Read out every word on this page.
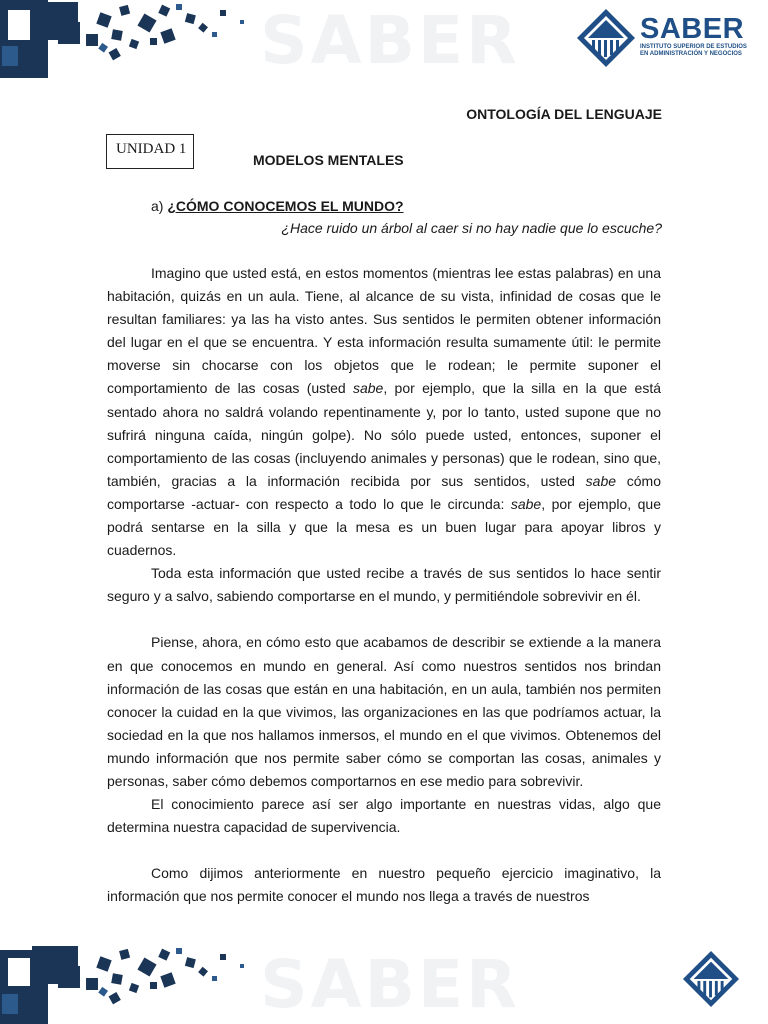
SABER	SABER
INSTITUTO SUPERIOR DE ESTUDIOS
EN ADMINISTRACIÓN Y NEGOCIOS
ONTOLOGÍA DEL LENGUAJE
UNIDAD 1
MODELOS MENTALES
a) ¿CÓMO CONOCEMOS EL MUNDO?
¿Hace ruido un árbol al caer si no hay nadie que lo escuche?

Imagino que usted está, en estos momentos (mientras lee estas palabras) en una habitación, quizás en un aula. Tiene, al alcance de su vista, infinidad de cosas que le resultan familiares: ya las ha visto antes. Sus sentidos le permiten obtener información del lugar en el que se encuentra. Y esta información resulta sumamente útil: le permite moverse sin chocarse con los objetos que le rodean; le permite suponer el comportamiento de las cosas (usted sabe, por ejemplo, que la silla en la que está sentado ahora no saldrá volando repentinamente y, por lo tanto, usted supone que no sufrirá ninguna caída, ningún golpe). No sólo puede usted, entonces, suponer el comportamiento de las cosas (incluyendo animales y personas) que le rodean, sino que, también, gracias a la información recibida por sus sentidos, usted sabe cómo comportarse -actuar- con respecto a todo lo que le circunda: sabe, por ejemplo, que podrá sentarse en la silla y que la mesa es un buen lugar para apoyar libros y cuadernos.

Toda esta información que usted recibe a través de sus sentidos lo hace sentir seguro y a salvo, sabiendo comportarse en el mundo, y permitiéndole sobrevivir en él.

Piense, ahora, en cómo esto que acabamos de describir se extiende a la manera en que conocemos en mundo en general. Así como nuestros sentidos nos brindan información de las cosas que están en una habitación, en un aula, también nos permiten conocer la cuidad en la que vivimos, las organizaciones en las que podríamos actuar, la sociedad en la que nos hallamos inmersos, el mundo en el que vivimos. Obtenemos del mundo información que nos permite saber cómo se comportan las cosas, animales y personas, saber cómo debemos comportarnos en ese medio para sobrevivir.

El conocimiento parece así ser algo importante en nuestras vidas, algo que determina nuestra capacidad de supervivencia.

Como dijimos anteriormente en nuestro pequeño ejercicio imaginativo, la información que nos permite conocer el mundo nos llega a través de nuestros

SABER
